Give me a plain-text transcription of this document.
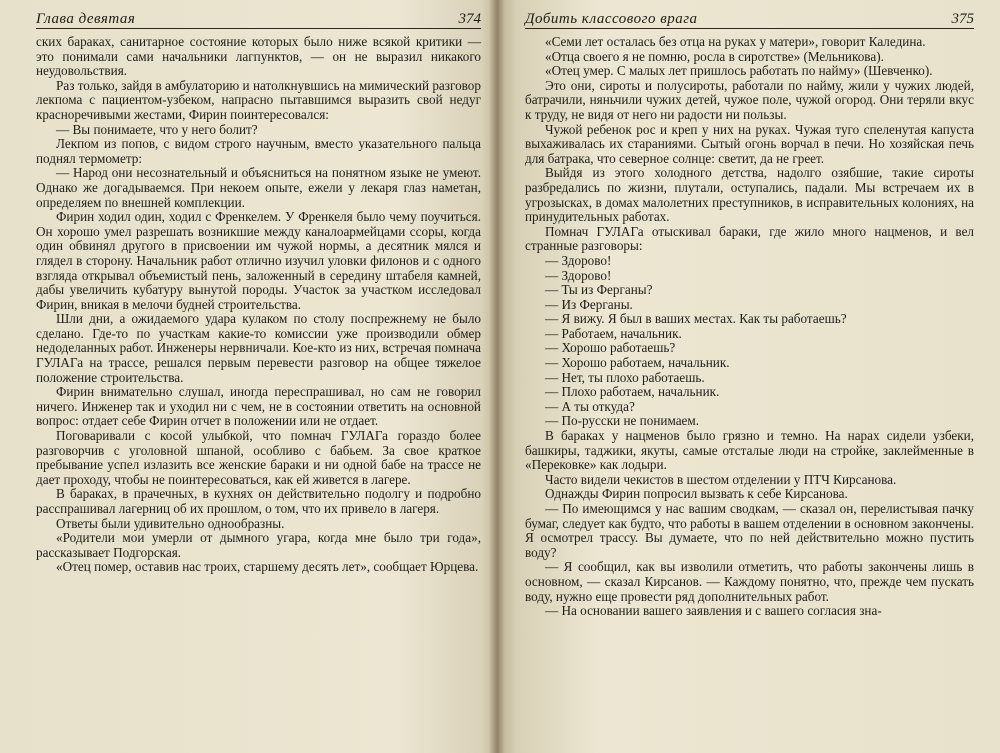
Глава девятая	374

ских бараках, санитарное состояние которых было ниже всякой критики — это понимали сами начальники лагпунктов, — он не выразил никакого неудовольствия.

Раз только, зайдя в амбулаторию и натолкнувшись на мимический разговор лекпома с пациентом-узбеком, напрасно пытавшимся выразить свой недуг красноречивыми жестами, Фирин поинтересовался:

— Вы понимаете, что у него болит?

Лекпом из попов, с видом строго научным, вместо указательного пальца поднял термометр:

— Народ они несознательный и объясниться на понятном языке не умеют. Однако же догадываемся. При некоем опыте, ежели у лекаря глаз наметан, определяем по внешней комплекции.

Фирин ходил один, ходил с Френкелем. У Френкеля было чему поучиться. Он хорошо умел разрешать возникшие между каналоармейцами ссоры, когда один обвинял другого в присвоении им чужой нормы, а десятник мялся и глядел в сторону. Начальник работ отлично изучил уловки филонов и с одного взгляда открывал объемистый пень, заложенный в середину штабеля камней, дабы увеличить кубатуру вынутой породы. Участок за участком исследовал Фирин, вникая в мелочи будней строительства.

Шли дни, а ожидаемого удара кулаком по столу поспрежнему не было сделано. Где-то по участкам какие-то комиссии уже производили обмер недоделанных работ. Инженеры нервничали. Кое-кто из них, встречая помнача ГУЛАГа на трассе, решался первым перевести разговор на общее тяжелое положение строительства.

Фирин внимательно слушал, иногда переспрашивал, но сам не говорил ничего. Инженер так и уходил ни с чем, не в состоянии ответить на основной вопрос: отдает себе Фирин отчет в положении или не отдает.

Поговаривали с косой улыбкой, что помнач ГУЛАГа гораздо более разговорчив с уголовной шпаной, особливо с бабьем. За свое краткое пребывание успел излазить все женские бараки и ни одной бабе на трассе не дает проходу, чтобы не поинтересоваться, как ей живется в лагере.

В бараках, в прачечных, в кухнях он действительно подолгу и подробно расспрашивал лагерниц об их прошлом, о том, что их привело в лагеря.

Ответы были удивительно однообразны.

«Родители мои умерли от дымного угара, когда мне было три года», рассказывает Подгорская.

«Отец помер, оставив нас троих, старшему десять лет», сообщает Юрцева.

Добить классового врага	375

«Семи лет осталась без отца на руках у матери», говорит Каледина.

«Отца своего я не помню, росла в сиротстве» (Мельникова).

«Отец умер. С малых лет пришлось работать по найму» (Шевченко).

Это они, сироты и полусироты, работали по найму, жили у чужих людей, батрачили, няньчили чужих детей, чужое поле, чужой огород. Они теряли вкус к труду, не видя от него ни радости ни пользы.

Чужой ребенок рос и креп у них на руках. Чужая туго спеленутая капуста выхаживалась их стараниями. Сытый огонь ворчал в печи. Но хозяйская печь для батрака, что северное солнце: светит, да не греет.

Выйдя из этого холодного детства, надолго озябшие, такие сироты разбредались по жизни, плутали, оступались, падали. Мы встречаем их в угрозысках, в домах малолетних преступников, в исправительных колониях, на принудительных работах.

Помнач ГУЛАГа отыскивал бараки, где жило много нацменов, и вел странные разговоры:

— Здорово!

— Здорово!

— Ты из Ферганы?

— Из Ферганы.

— Я вижу. Я был в ваших местах. Как ты работаешь?

— Работаем, начальник.

— Хорошо работаешь?

— Хорошо работаем, начальник.

— Нет, ты плохо работаешь.

— Плохо работаем, начальник.

— А ты откуда?

— По-русски не понимаем.

В бараках у нацменов было грязно и темно. На нарах сидели узбеки, башкиры, таджики, якуты, самые отсталые люди на стройке, заклейменные в «Перековке» как лодыри.

Часто видели чекистов в шестом отделении у ПТЧ Кирсанова.

Однажды Фирин попросил вызвать к себе Кирсанова.

— По имеющимся у нас вашим сводкам, — сказал он, перелистывая пачку бумаг, следует как будто, что работы в вашем отделении в основном закончены. Я осмотрел трассу. Вы думаете, что по ней действительно можно пустить воду?

— Я сообщил, как вы изволили отметить, что работы закончены лишь в основном, — сказал Кирсанов. — Каждому понятно, что, прежде чем пускать воду, нужно еще провести ряд дополнительных работ.

— На основании вашего заявления и с вашего согласия зна-
